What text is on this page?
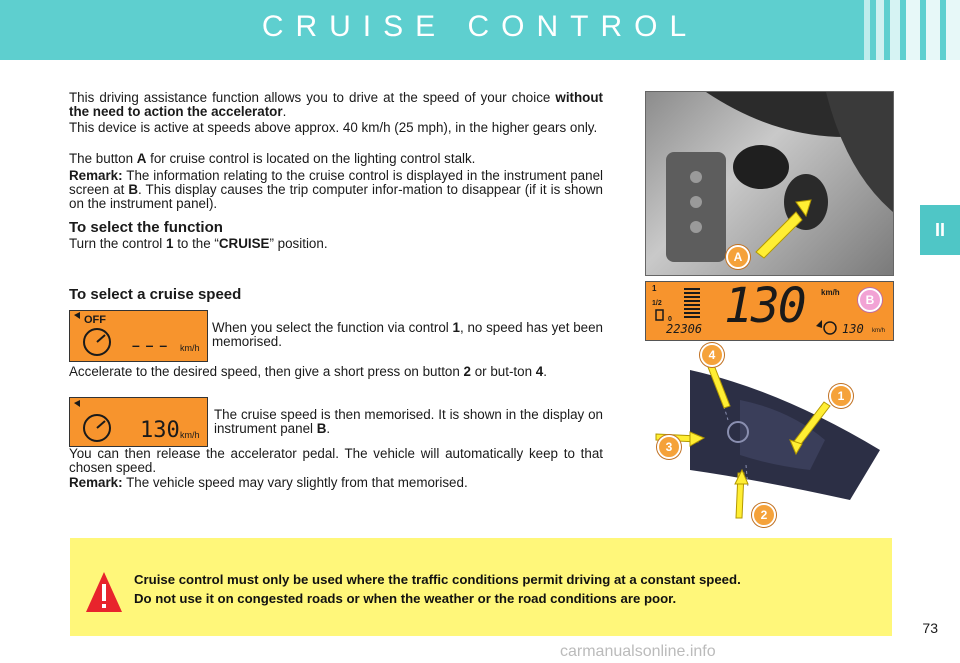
CRUISE CONTROL
II
This driving assistance function allows you to drive at the speed of your choice without the need to action the accelerator.
This device is active at speeds above approx. 40 km/h (25 mph), in the higher gears only.
The button A for cruise control is located on the lighting control stalk.
Remark: The information relating to the cruise control is displayed in the instrument panel screen at B. This display causes the trip computer infor-mation to disappear (if it is shown on the instrument panel).
To select the function
Turn the control 1 to the “CRUISE” position.
To select a cruise speed
OFF
– – – km/h
When you select the function via control 1, no speed has yet been memorised.
Accelerate to the desired speed, then give a short press on button 2 or but-ton 4.
130 km/h
The cruise speed is then memorised. It is shown in the display on instrument panel B.
You can then release the accelerator pedal. The vehicle will automatically keep to that chosen speed.
Remark: The vehicle speed may vary slightly from that memorised.
A
1
1/2
0 130 km/h
22306	130 km/h
B
4
1
3
2
Cruise control must only be used where the traffic conditions permit driving at a constant speed.
Do not use it on congested roads or when the weather or the road conditions are poor.
73
carmanualsonline.info
